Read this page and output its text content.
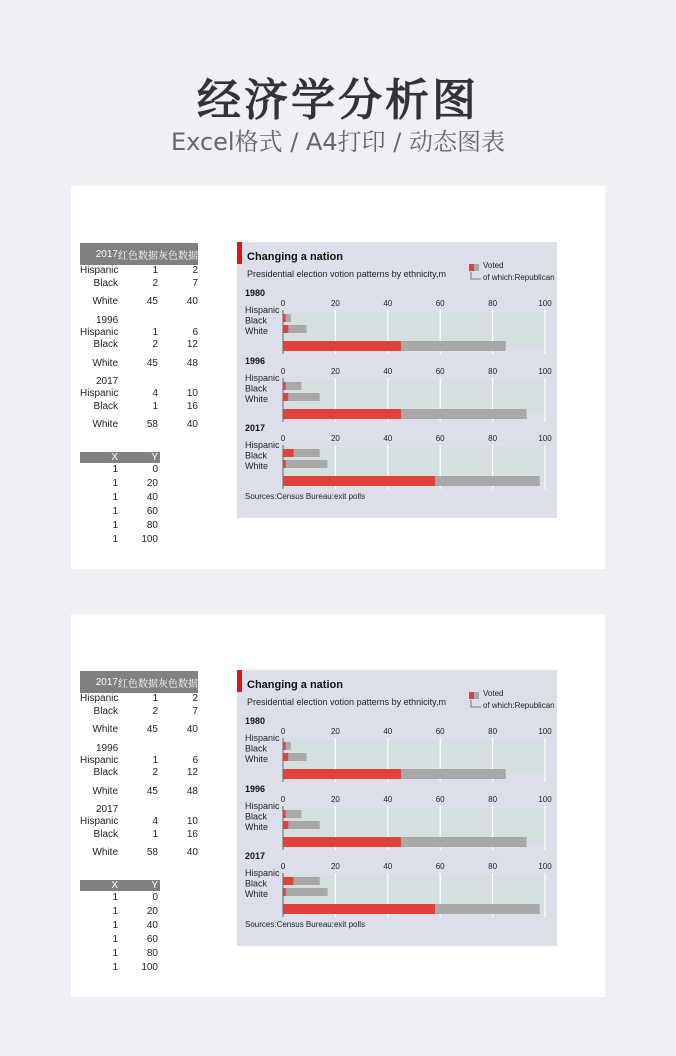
经济学分析图
Excel格式 / A4打印 / 动态图表
2017 红色数据 灰色数据
Hispanic	1	2
Black	2	7
White	45	40
1996
Hispanic	1	6
Black	2	12
White	45	48
2017
Hispanic	4	10
Black	1	16
White	58	40
X	Y
1	0
1	20
1	40
1	60
1	80
1	100
Changing a nation
Presidential election votion patterns by ethnicity,m
Voted
of which:Republican
1980
0	20	40	60	80	100
Hispanic
Black
White
1996
0	20	40	60	80	100
Hispanic
Black
White
2017
0	20	40	60	80	100
Hispanic
Black
White
Sources:Census Bureau:exit polls
2017 红色数据 灰色数据
Hispanic	1	2
Black	2	7
White	45	40
1996
Hispanic	1	6
Black	2	12
White	45	48
2017
Hispanic	4	10
Black	1	16
White	58	40
X	Y
1	0
1	20
1	40
1	60
1	80
1	100
Changing a nation
Presidential election votion patterns by ethnicity,m
Voted
of which:Republican
1980
0	20	40	60	80	100
Hispanic
Black
White
1996
0	20	40	60	80	100
Hispanic
Black
White
2017
0	20	40	60	80	100
Hispanic
Black
White
Sources:Census Bureau:exit polls
